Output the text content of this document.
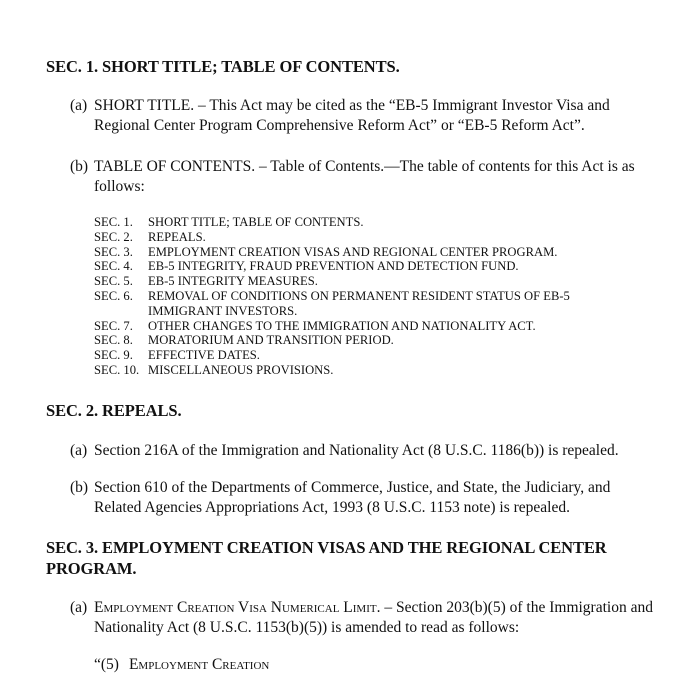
SEC. 1. SHORT TITLE; TABLE OF CONTENTS.
(a) SHORT TITLE. – This Act may be cited as the “EB-5 Immigrant Investor Visa and Regional Center Program Comprehensive Reform Act” or “EB-5 Reform Act”.
(b) TABLE OF CONTENTS. – Table of Contents.—The table of contents for this Act is as follows:
SEC. 1. SHORT TITLE; TABLE OF CONTENTS.
SEC. 2. REPEALS.
SEC. 3. EMPLOYMENT CREATION VISAS AND REGIONAL CENTER PROGRAM.
SEC. 4. EB-5 INTEGRITY, FRAUD PREVENTION AND DETECTION FUND.
SEC. 5. EB-5 INTEGRITY MEASURES.
SEC. 6. REMOVAL OF CONDITIONS ON PERMANENT RESIDENT STATUS OF EB-5 IMMIGRANT INVESTORS.
SEC. 7. OTHER CHANGES TO THE IMMIGRATION AND NATIONALITY ACT.
SEC. 8. MORATORIUM AND TRANSITION PERIOD.
SEC. 9. EFFECTIVE DATES.
SEC. 10. MISCELLANEOUS PROVISIONS.
SEC. 2. REPEALS.
(a) Section 216A of the Immigration and Nationality Act (8 U.S.C. 1186(b)) is repealed.
(b) Section 610 of the Departments of Commerce, Justice, and State, the Judiciary, and Related Agencies Appropriations Act, 1993 (8 U.S.C. 1153 note) is repealed.
SEC. 3. EMPLOYMENT CREATION VISAS AND THE REGIONAL CENTER PROGRAM.
(a) Employment Creation Visa Numerical Limit. – Section 203(b)(5) of the Immigration and Nationality Act (8 U.S.C. 1153(b)(5)) is amended to read as follows:
“(5) Employment Creation
